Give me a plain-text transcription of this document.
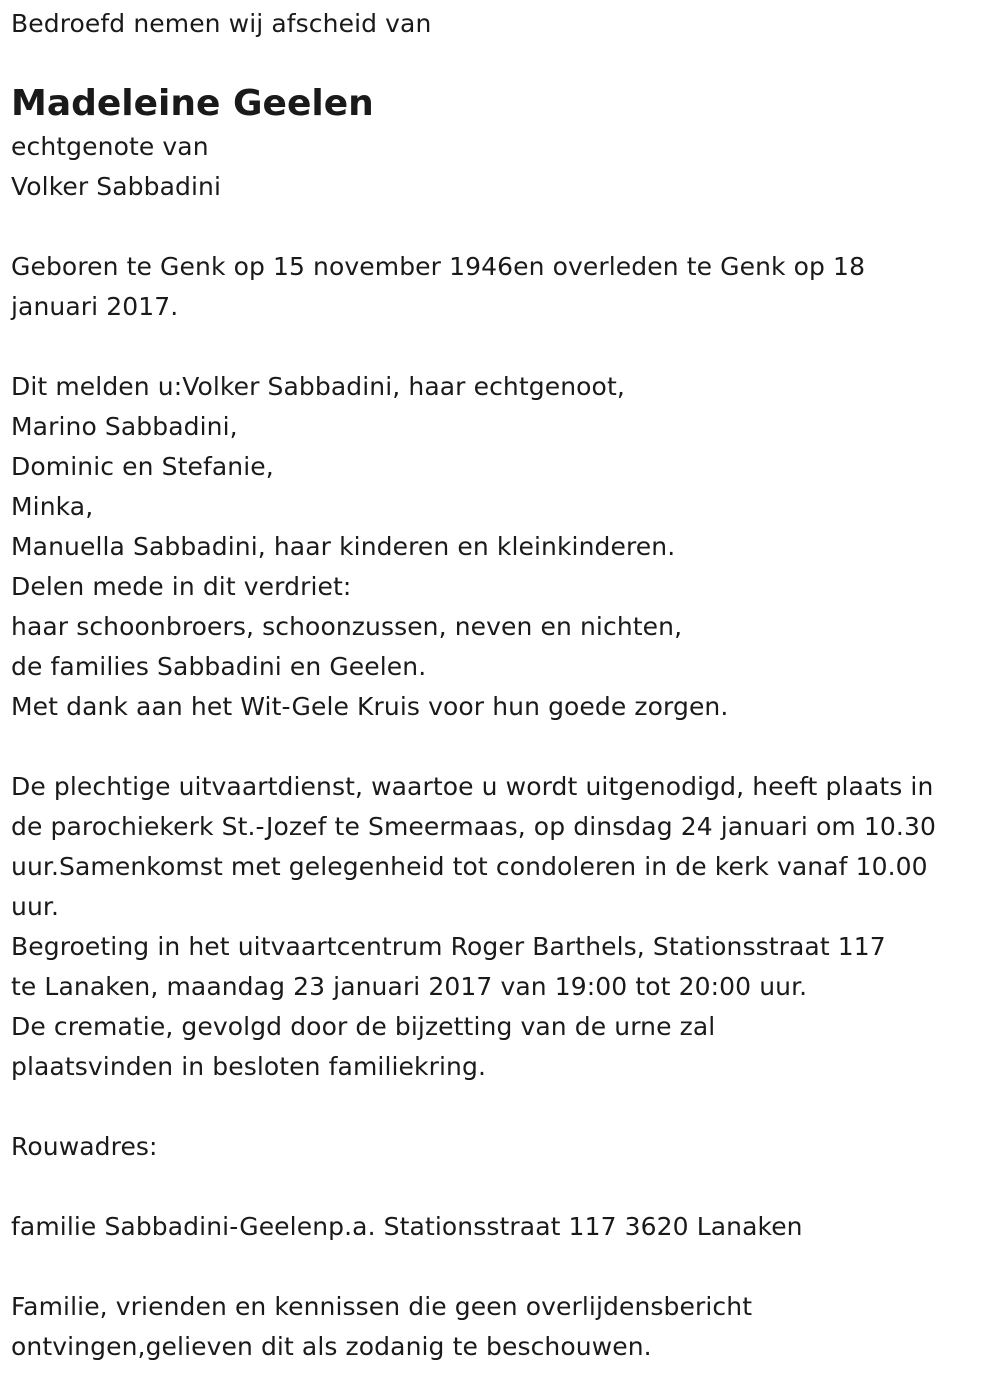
Bedroefd nemen wij afscheid van
Madeleine Geelen
echtgenote van
Volker Sabbadini
Geboren te Genk op 15 november 1946en overleden te Genk op 18
januari 2017.
Dit melden u:Volker Sabbadini, haar echtgenoot,
Marino Sabbadini,
Dominic en Stefanie,
Minka,
Manuella Sabbadini, haar kinderen en kleinkinderen.
Delen mede in dit verdriet:
haar schoonbroers, schoonzussen, neven en nichten,
de families Sabbadini en Geelen.
Met dank aan het Wit-Gele Kruis voor hun goede zorgen.
De plechtige uitvaartdienst, waartoe u wordt uitgenodigd, heeft plaats in
de parochiekerk St.-Jozef te Smeermaas, op dinsdag 24 januari om 10.30
uur.Samenkomst met gelegenheid tot condoleren in de kerk vanaf 10.00
uur.
Begroeting in het uitvaartcentrum Roger Barthels, Stationsstraat 117
te Lanaken, maandag 23 januari 2017 van 19:00 tot 20:00 uur.
De crematie, gevolgd door de bijzetting van de urne zal
plaatsvinden in besloten familiekring.
Rouwadres:
familie Sabbadini-Geelenp.a. Stationsstraat 117 3620 Lanaken
Familie, vrienden en kennissen die geen overlijdensbericht
ontvingen,gelieven dit als zodanig te beschouwen.
